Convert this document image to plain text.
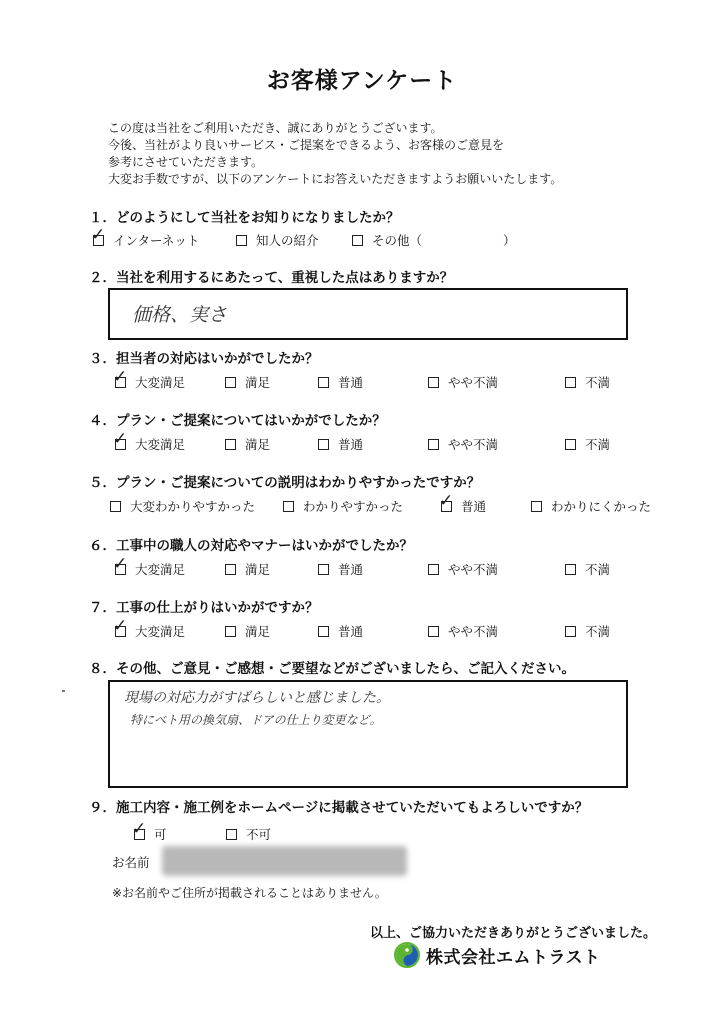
お客様アンケート
この度は当社をご利用いただき、誠にありがとうございます。
今後、当社がより良いサービス・ご提案をできるよう、お客様のご意見を
参考にさせていただきます。
大変お手数ですが、以下のアンケートにお答えいただきますようお願いいたします。
１．どのようにして当社をお知りになりましたか？
✓ インターネット	知人の紹介	その他（	）
２．当社を利用するにあたって、重視した点はありますか？
価格、実さ
３．担当者の対応はいかがでしたか？
✓ 大変満足	満足	普通	やや不満	不満
４．プラン・ご提案についてはいかがでしたか？
✓ 大変満足	満足	普通	やや不満	不満
５．プラン・ご提案についての説明はわかりやすかったですか？
大変わかりやすかった	わかりやすかった ✓ 普通	わかりにくかった
６．工事中の職人の対応やマナーはいかがでしたか？
✓ 大変満足	満足	普通	やや不満	不満
７．工事の仕上がりはいかがですか？
✓ 大変満足	満足	普通	やや不満	不満
８．その他、ご意見・ご感想・ご要望などがございましたら、ご記入ください。
現場の対応力がすばらしいと感じました。
特にベト用の換気扇、ドアの仕上り変更など。
９．施工内容・施工例をホームページに掲載させていただいてもよろしいですか？
✓ 可	不可
お名前
※お名前やご住所が掲載されることはありません。
以上、ご協力いただきありがとうございました。
株式会社エムトラスト
